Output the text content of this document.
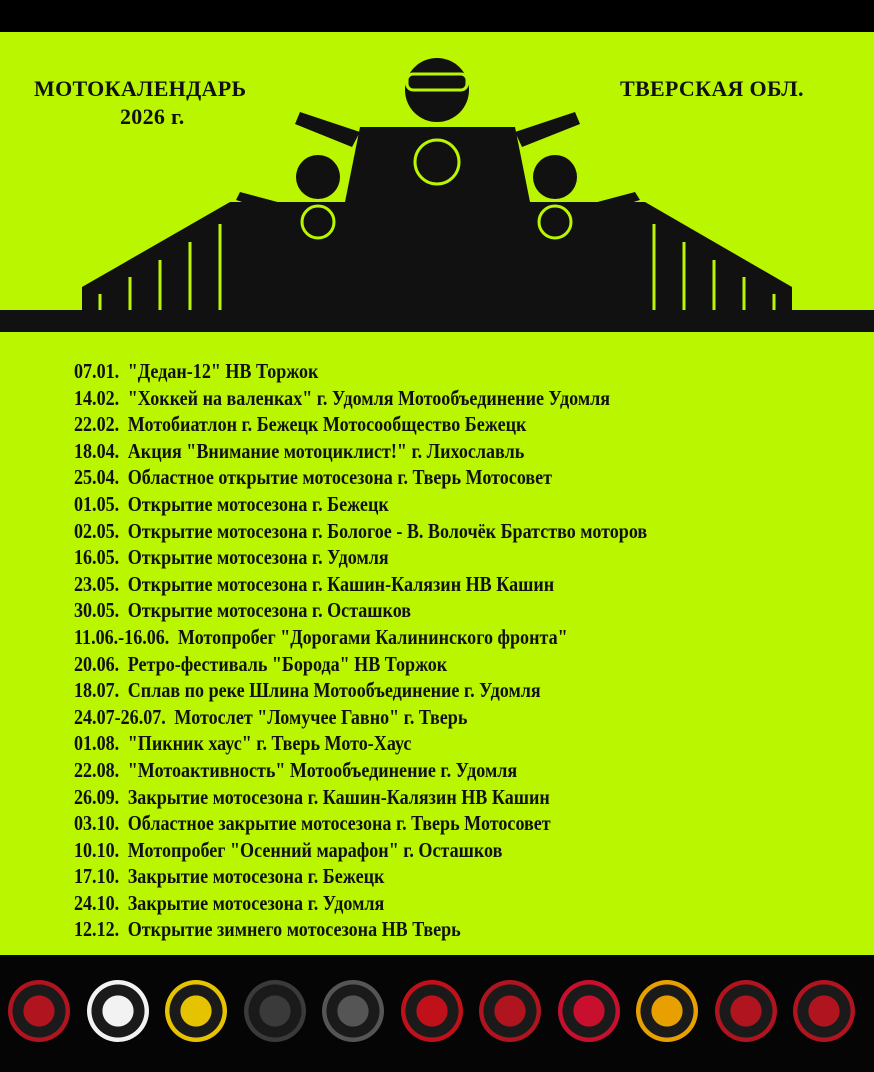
МОТОКАЛЕНДАРЬ
2026 г.
ТВЕРСКАЯ ОБЛ.
07.01. "Дедан-12" НВ Торжок
14.02. "Хоккей на валенках" г. Удомля Мотообъединение Удомля
22.02. Мотобиатлон г. Бежецк Мотосообщество Бежецк
18.04. Акция "Внимание мотоциклист!" г. Лихославль
25.04. Областное открытие мотосезона г. Тверь Мотосовет
01.05. Открытие мотосезона г. Бежецк
02.05. Открытие мотосезона г. Бологое - В. Волочёк Братство моторов
16.05. Открытие мотосезона г. Удомля
23.05. Открытие мотосезона г. Кашин-Калязин НВ Кашин
30.05. Открытие мотосезона г. Осташков
11.06.-16.06. Мотопробег "Дорогами Калининского фронта"
20.06. Ретро-фестиваль "Борода" НВ Торжок
18.07. Сплав по реке Шлина Мотообъединение г. Удомля
24.07-26.07. Мотослет "Ломучее Гавно" г. Тверь
01.08. "Пикник хаус" г. Тверь Мото-Хаус
22.08. "Мотоактивность" Мотообъединение г. Удомля
26.09. Закрытие мотосезона г. Кашин-Калязин НВ Кашин
03.10. Областное закрытие мотосезона г. Тверь Мотосовет
10.10. Мотопробег "Осенний марафон" г. Осташков
17.10. Закрытие мотосезона г. Бежецк
24.10. Закрытие мотосезона г. Удомля
12.12. Открытие зимнего мотосезона НВ Тверь
